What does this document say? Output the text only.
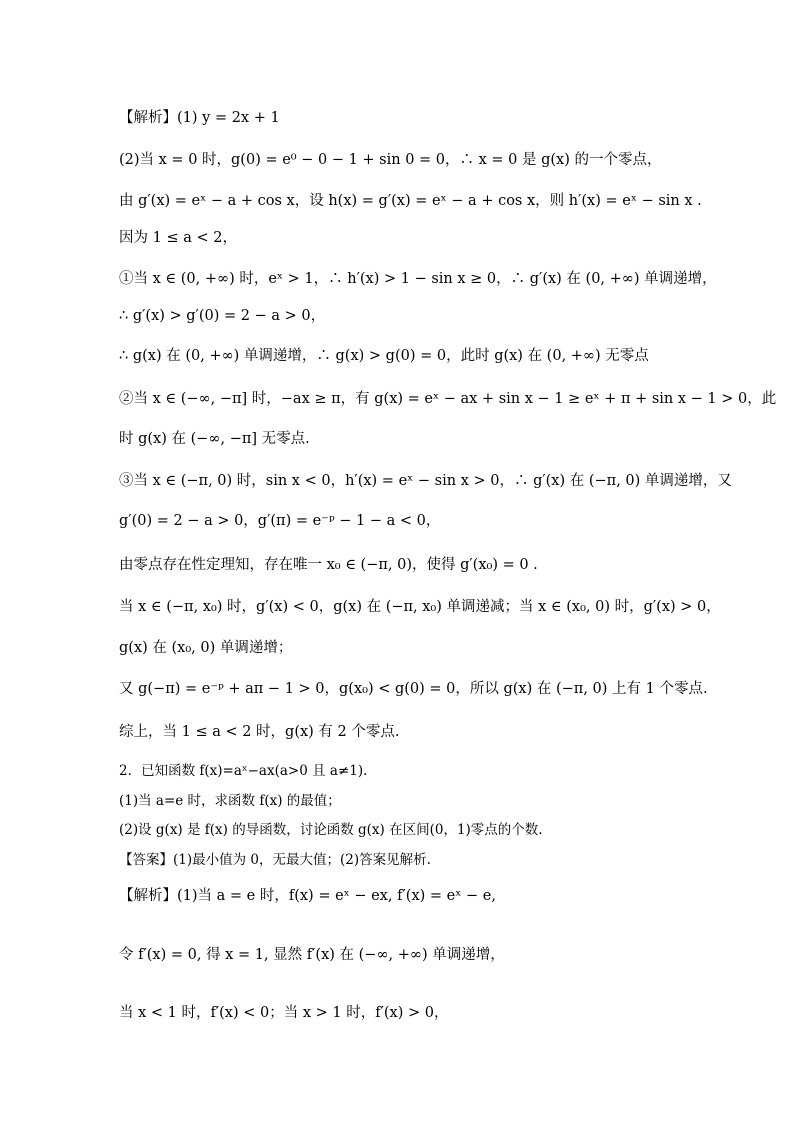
【解析】(1) y = 2x + 1
(2)当 x = 0 时，g(0) = e⁰ − 0 − 1 + sin 0 = 0，∴ x = 0 是 g(x) 的一个零点，
由 g′(x) = eˣ − a + cos x，设 h(x) = g′(x) = eˣ − a + cos x，则 h′(x) = eˣ − sin x .
因为 1 ≤ a < 2，
①当 x ∈ (0, +∞) 时，eˣ > 1，∴ h′(x) > 1 − sin x ≥ 0，∴ g′(x) 在 (0, +∞) 单调递增，
∴ g′(x) > g′(0) = 2 − a > 0，
∴ g(x) 在 (0, +∞) 单调递增，∴ g(x) > g(0) = 0，此时 g(x) 在 (0, +∞) 无零点
②当 x ∈ (−∞, −π] 时，−ax ≥ π，有 g(x) = eˣ − ax + sin x − 1 ≥ eˣ + π + sin x − 1 > 0，此
时 g(x) 在 (−∞, −π] 无零点.
③当 x ∈ (−π, 0) 时，sin x < 0，h′(x) = eˣ − sin x > 0，∴ g′(x) 在 (−π, 0) 单调递增，又
g′(0) = 2 − a > 0，g′(π) = e⁻ᵖ − 1 − a < 0，
由零点存在性定理知，存在唯一 x₀ ∈ (−π, 0)，使得 g′(x₀) = 0 .
当 x ∈ (−π, x₀) 时，g′(x) < 0，g(x) 在 (−π, x₀) 单调递减；当 x ∈ (x₀, 0) 时，g′(x) > 0，
g(x) 在 (x₀, 0) 单调递增；
又 g(−π) = e⁻ᵖ + aπ − 1 > 0，g(x₀) < g(0) = 0，所以 g(x) 在 (−π, 0) 上有 1 个零点.
综上，当 1 ≤ a < 2 时，g(x) 有 2 个零点.
2．已知函数 f(x)=aˣ−ax(a>0 且 a≠1).
(1)当 a=e 时，求函数 f(x) 的最值；
(2)设 g(x) 是 f(x) 的导函数，讨论函数 g(x) 在区间(0，1)零点的个数.
【答案】(1)最小值为 0，无最大值；(2)答案见解析.
【解析】(1)当 a = e 时，f(x) = eˣ − ex, f′(x) = eˣ − e,
令 f′(x) = 0, 得 x = 1, 显然 f′(x) 在 (−∞, +∞) 单调递增，
当 x < 1 时，f′(x) < 0；当 x > 1 时，f′(x) > 0，
